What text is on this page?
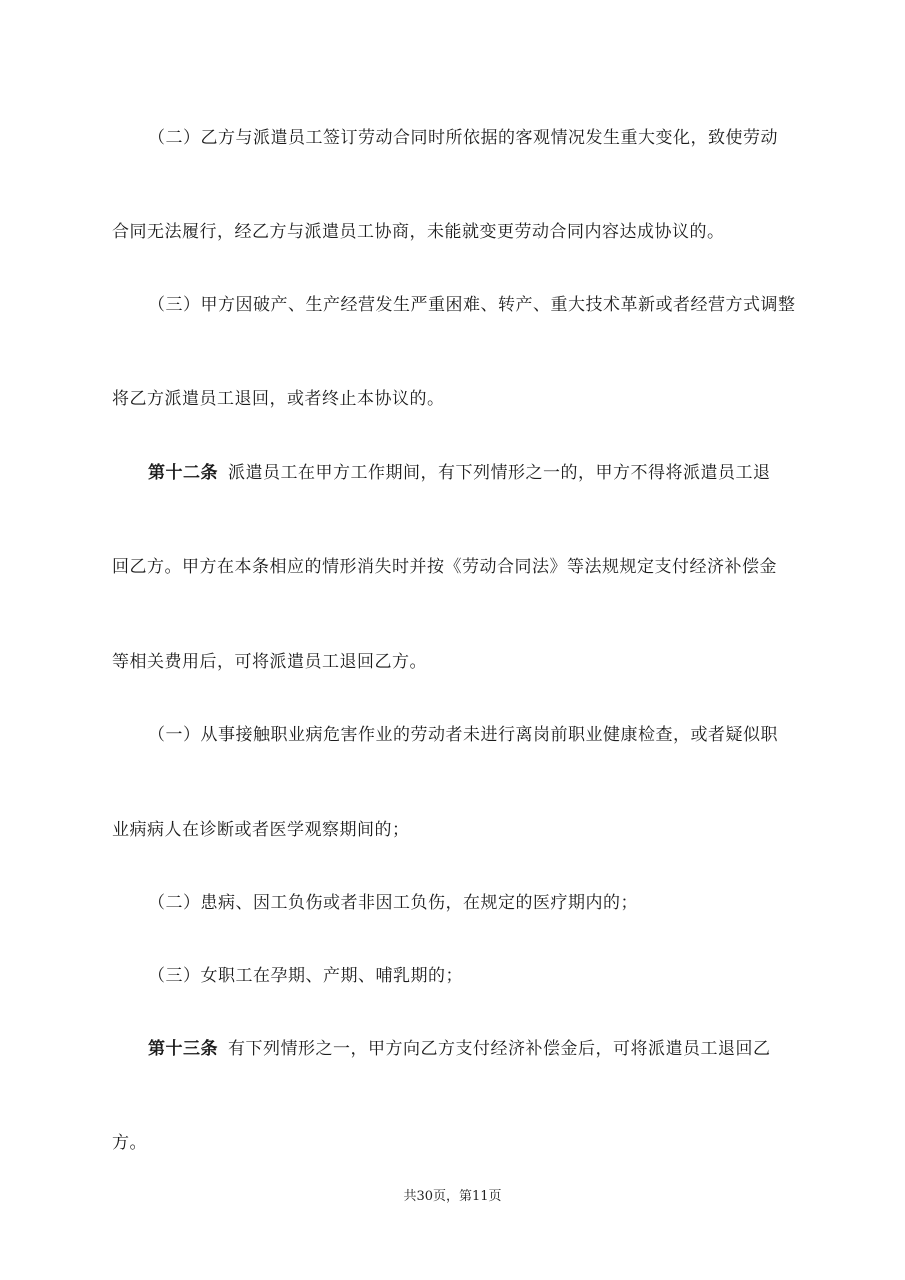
（二）乙方与派遣员工签订劳动合同时所依据的客观情况发生重大变化，致使劳动
合同无法履行，经乙方与派遣员工协商，未能就变更劳动合同内容达成协议的。
（三）甲方因破产、生产经营发生严重困难、转产、重大技术革新或者经营方式调整
将乙方派遣员工退回，或者终止本协议的。
第十二条 派遣员工在甲方工作期间，有下列情形之一的，甲方不得将派遣员工退
回乙方。甲方在本条相应的情形消失时并按《劳动合同法》等法规规定支付经济补偿金
等相关费用后，可将派遣员工退回乙方。
（一）从事接触职业病危害作业的劳动者未进行离岗前职业健康检查，或者疑似职
业病病人在诊断或者医学观察期间的；
（二）患病、因工负伤或者非因工负伤，在规定的医疗期内的；
（三）女职工在孕期、产期、哺乳期的；
第十三条 有下列情形之一，甲方向乙方支付经济补偿金后，可将派遣员工退回乙
方。
共30页，第11页
